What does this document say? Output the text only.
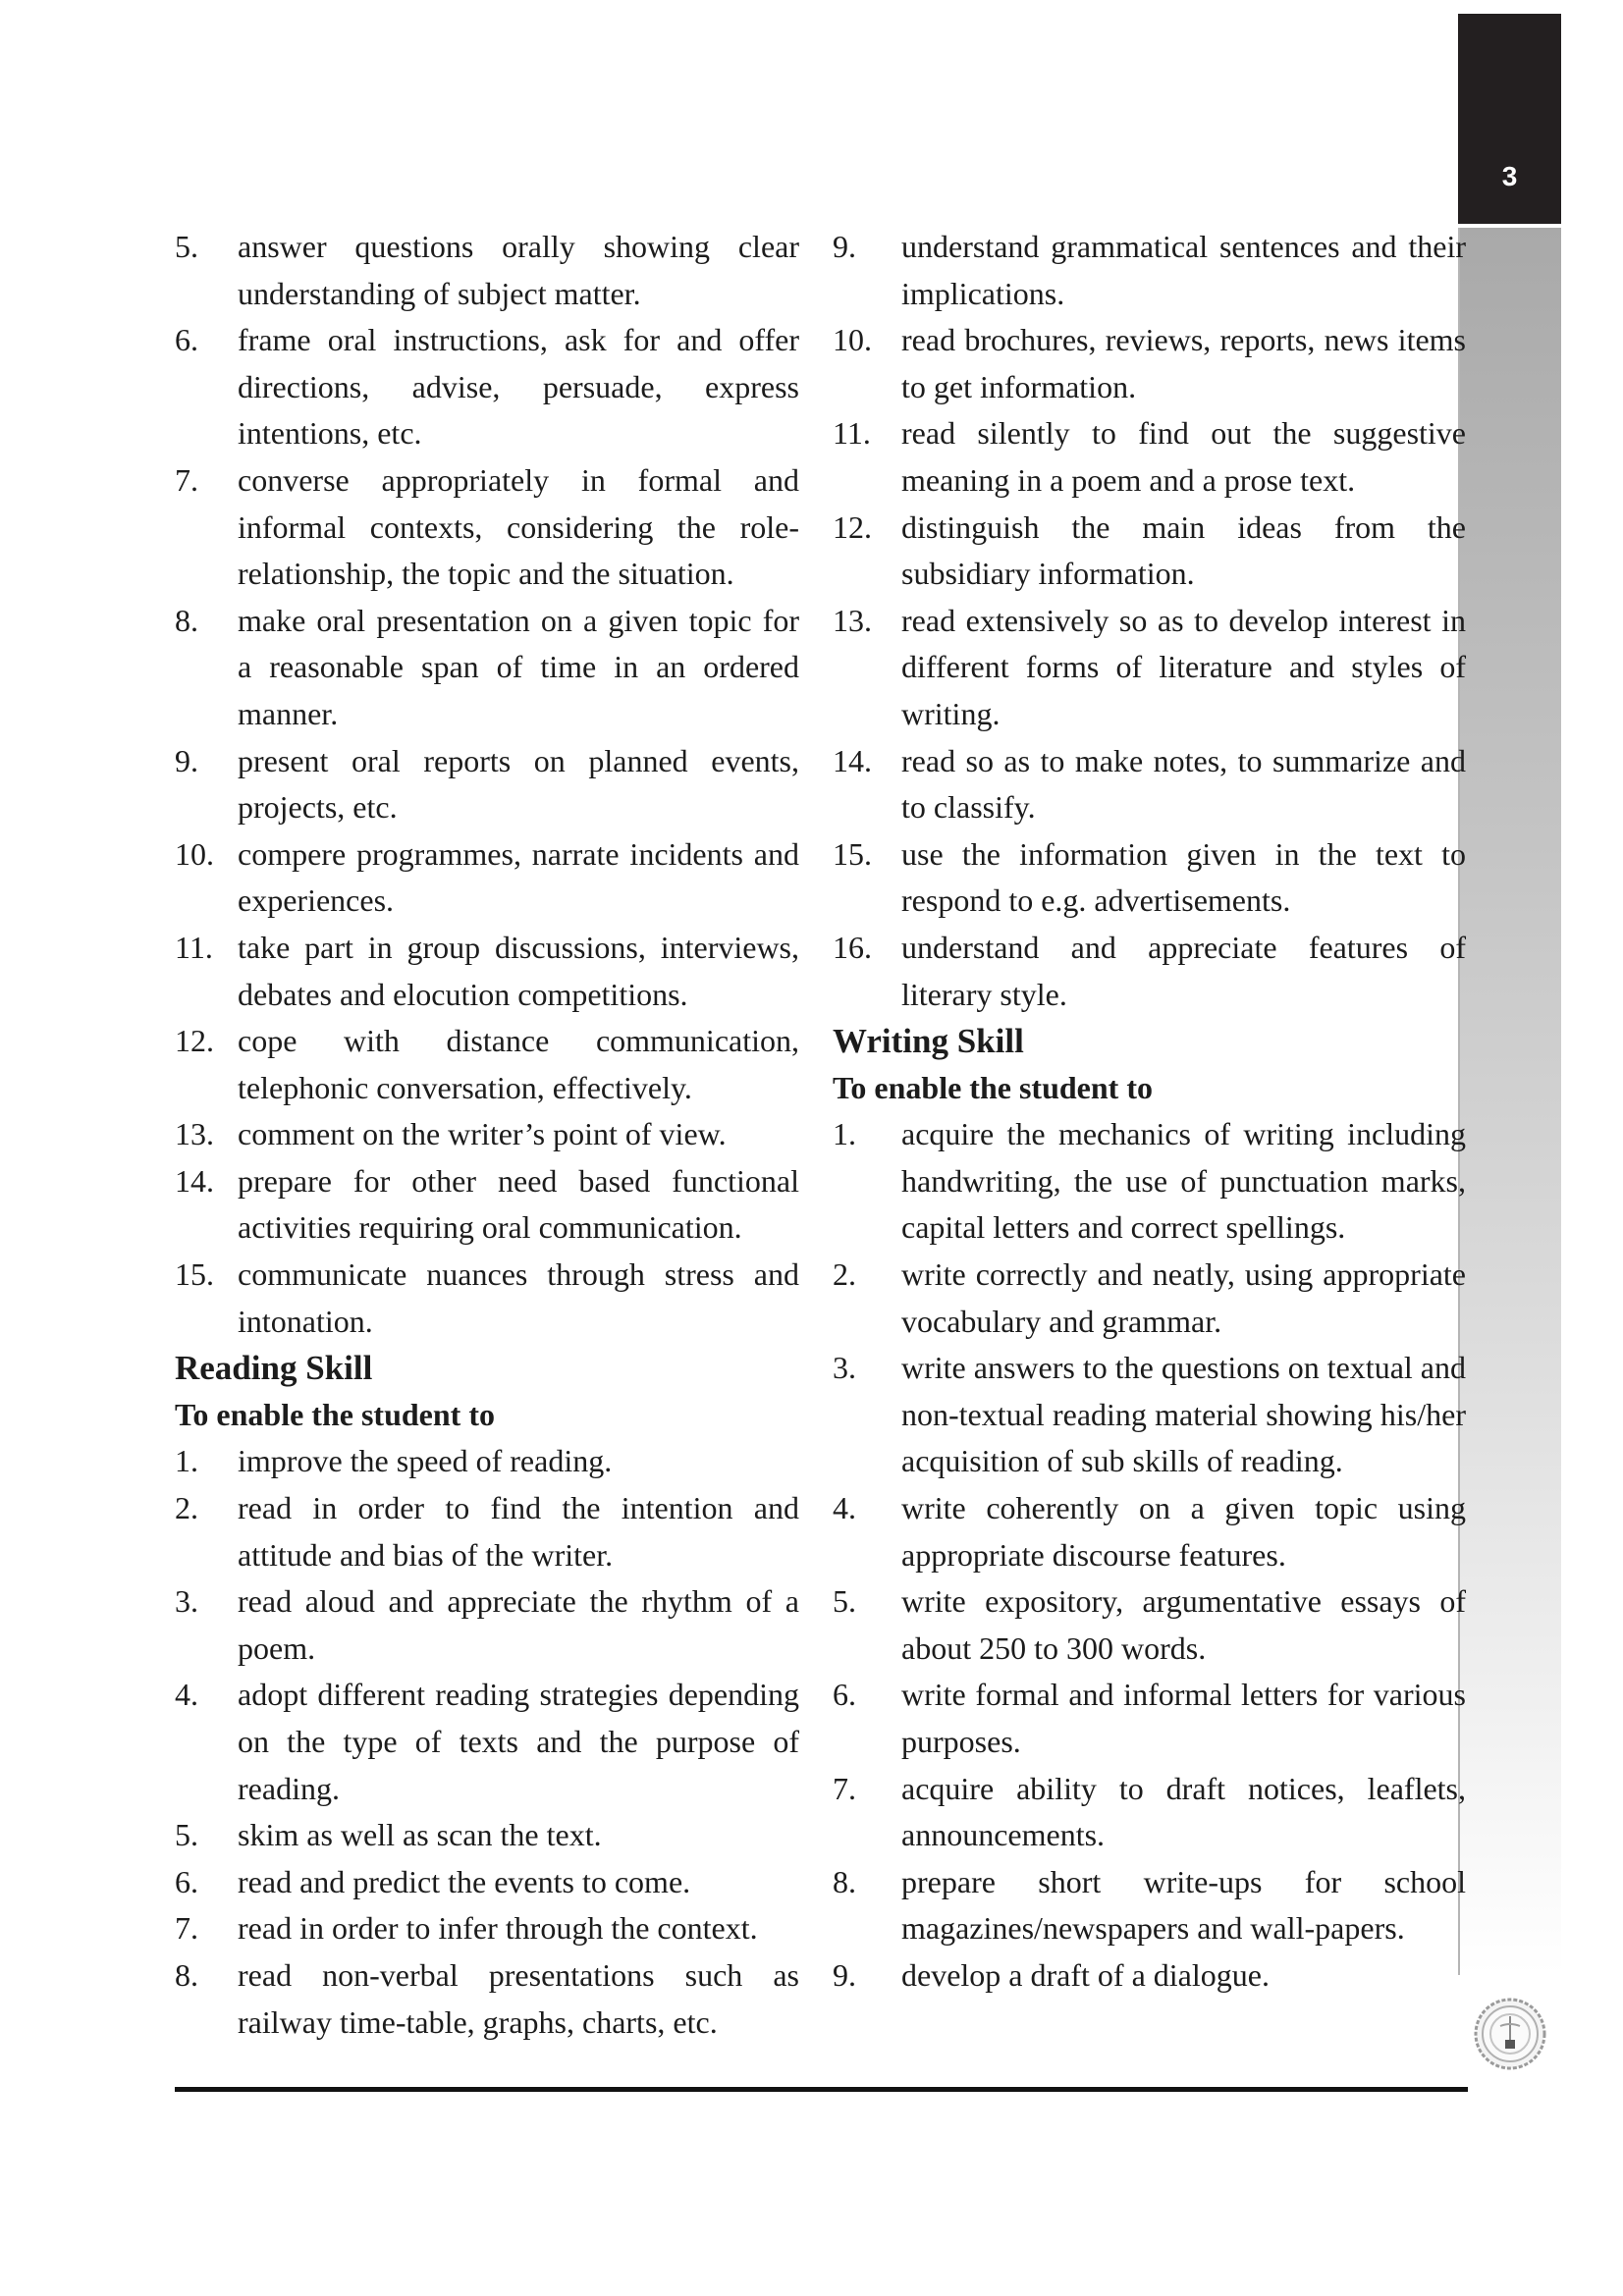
3
5.	answer questions orally showing clear understanding of subject matter.
6.	frame oral instructions, ask for and offer directions, advise, persuade, express intentions, etc.
7.	converse appropriately in formal and informal contexts, considering the role-relationship, the topic and the situation.
8.	make oral presentation on a given topic for a reasonable span of time in an ordered manner.
9.	present oral reports on planned events, projects, etc.
10. compere programmes, narrate incidents and experiences.
11. take part in group discussions, interviews, debates and elocution competitions.
12. cope with distance communication, telephonic conversation, effectively.
13. comment on the writer’s point of view.
14. prepare for other need based functional activities requiring oral communication.
15. communicate nuances through stress and intonation.
Reading Skill
To enable the student to
1.	improve the speed of reading.
2.	read in order to find the intention and attitude and bias of the writer.
3.	read aloud and appreciate the rhythm of a poem.
4.	adopt different reading strategies depending on the type of texts and the purpose of reading.
5.	skim as well as scan the text.
6.	read and predict the events to come.
7.	read in order to infer through the context.
8.	read non-verbal presentations such as railway time-table, graphs, charts, etc.
9.	understand grammatical sentences and their implications.
10. read brochures, reviews, reports, news items to get information.
11. read silently to find out the suggestive meaning in a poem and a prose text.
12. distinguish the main ideas from the subsidiary information.
13. read extensively so as to develop interest in different forms of literature and styles of writing.
14. read so as to make notes, to summarize and to classify.
15. use the information given in the text to respond to e.g. advertisements.
16. understand and appreciate features of literary style.
Writing Skill
To enable the student to
1.	acquire the mechanics of writing including handwriting, the use of punctuation marks, capital letters and correct spellings.
2.	write correctly and neatly, using appropriate vocabulary and grammar.
3.	write answers to the questions on textual and non-textual reading material showing his/her acquisition of sub skills of reading.
4.	write coherently on a given topic using appropriate discourse features.
5.	write expository, argumentative essays of about 250 to 300 words.
6.	write formal and informal letters for various purposes.
7.	acquire ability to draft notices, leaflets, announcements.
8.	prepare short write-ups for school magazines/newspapers and wall-papers.
9.	develop a draft of a dialogue.
